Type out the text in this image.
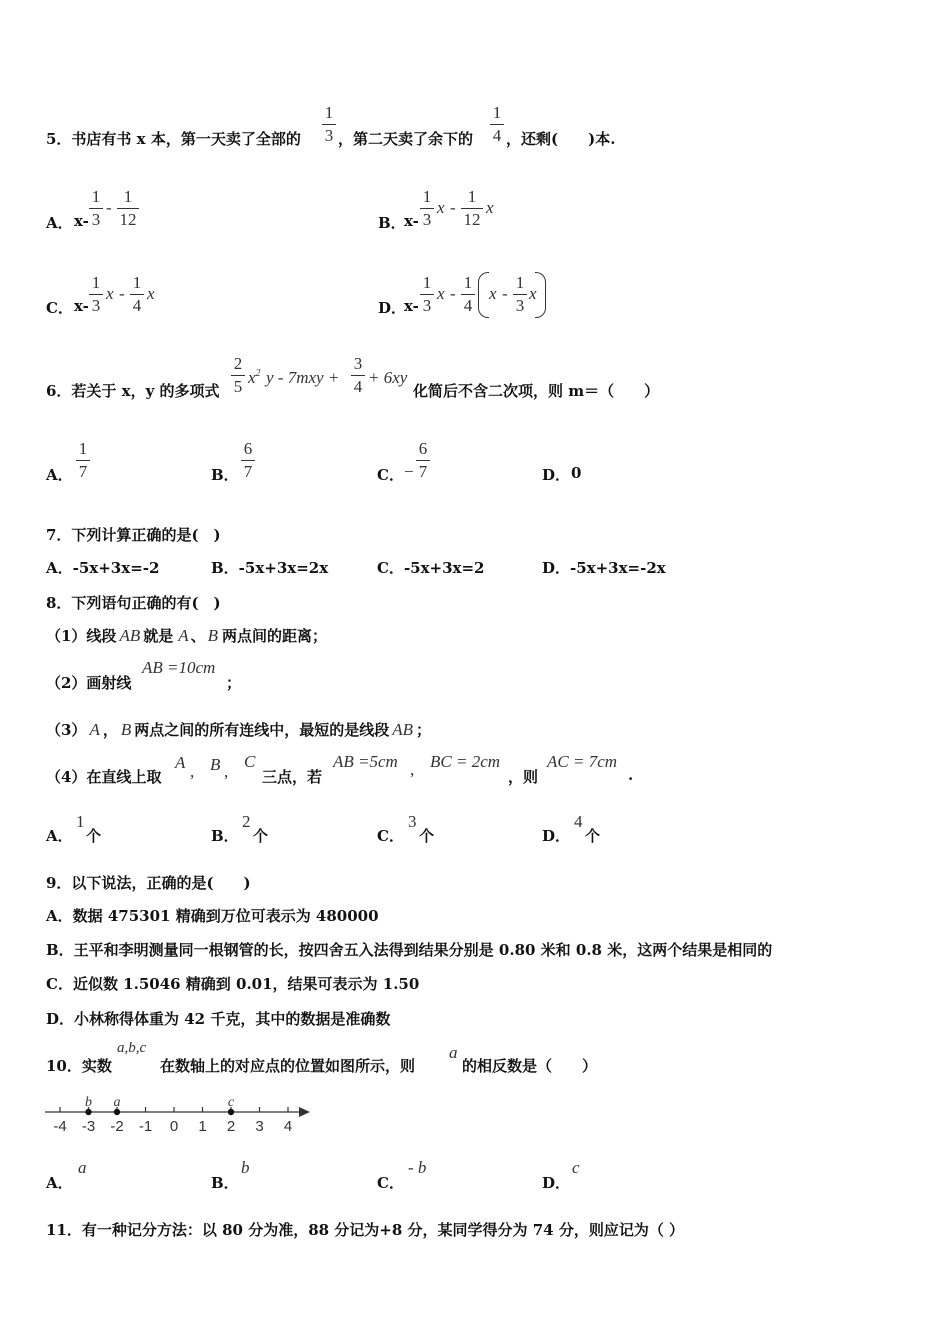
5．书店有书 x 本，第一天卖了全部的
1
3 ，第二天卖了余下的
1
4 ，还剩(　　)本.
A． x-
1
3
-
1
12	B．
x-
1
3
x -
1
12
x
C． x-
1
3
x -
1
4
x
D．
x-
1
3
x -
1
4
x -
1
3
x
6．若关于 x，y 的多项式
2
5 $x^2$ y - 7mxy +
3
4 + 6xy
化简后不含二次项，则 m＝（　　）
A．
1
7	B．
6
7	C． −
6
7	D． 0
7．下列计算正确的是(　)
A．-5x+3x=-2	B．-5x+3x=2x	C．-5x+3x=2	D．-5x+3x=-2x
8．下列语句正确的有(　)
（1）线段 AB 就是 A 、 B 两点间的距离；
（2）画射线
AB =10cm
；
（3） A ， B 两点之间的所有连线中，最短的是线段 AB ；
（4）在直线上取
A , B ,
C
三点，若
AB =5cm , BC = 2cm
，则
AC = 7cm
.
A．
1
个	B．
2
个	C．
3
个	D．
4
个
9．以下说法，正确的是(　　)
A．数据 475301 精确到万位可表示为 480000
B．王平和李明测量同一根钢管的长，按四舍五入法得到结果分别是 0.80 米和 0.8 米，这两个结果是相同的
C．近似数 1.5046 精确到 0.01，结果可表示为 1.50
D．小林称得体重为 42 千克，其中的数据是准确数
10．实数
a,b,c
在数轴上的对应点的位置如图所示，则
a
的相反数是（　　）
-4 -3 -2 -1 0 1 2 3 4
b a	c
A．
a
B．
b
C．
- b
D．
c
11．有一种记分方法：以 80 分为准，88 分记为+8 分，某同学得分为 74 分，则应记为（ ）
